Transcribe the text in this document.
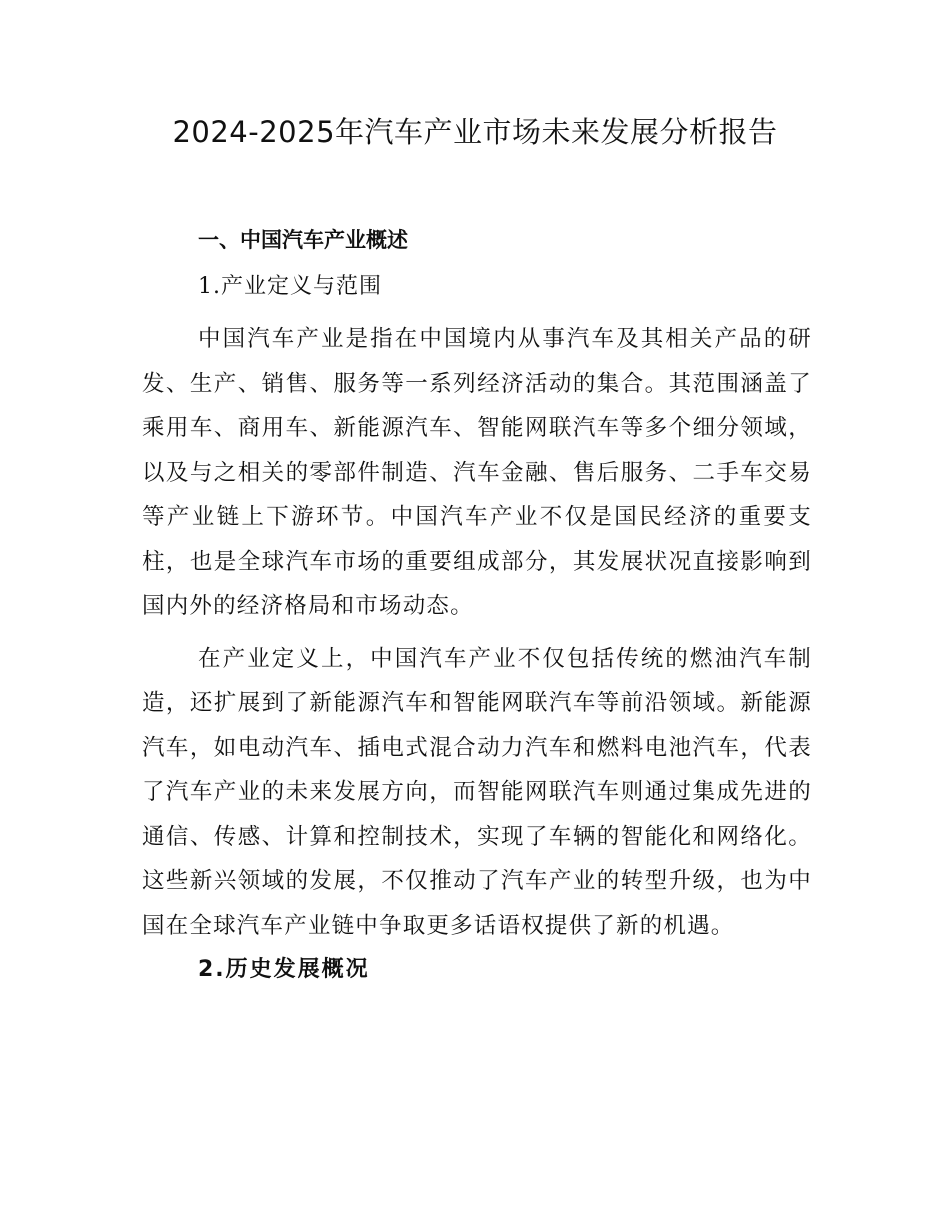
2024-2025年汽车产业市场未来发展分析报告
一、中国汽车产业概述
1.产业定义与范围

中国汽车产业是指在中国境内从事汽车及其相关产品的研发、生产、销售、服务等一系列经济活动的集合。其范围涵盖了乘用车、商用车、新能源汽车、智能网联汽车等多个细分领域，以及与之相关的零部件制造、汽车金融、售后服务、二手车交易等产业链上下游环节。中国汽车产业不仅是国民经济的重要支柱，也是全球汽车市场的重要组成部分，其发展状况直接影响到国内外的经济格局和市场动态。

在产业定义上，中国汽车产业不仅包括传统的燃油汽车制造，还扩展到了新能源汽车和智能网联汽车等前沿领域。新能源汽车，如电动汽车、插电式混合动力汽车和燃料电池汽车，代表了汽车产业的未来发展方向，而智能网联汽车则通过集成先进的通信、传感、计算和控制技术，实现了车辆的智能化和网络化。这些新兴领域的发展，不仅推动了汽车产业的转型升级，也为中国在全球汽车产业链中争取更多话语权提供了新的机遇。

2.历史发展概况
